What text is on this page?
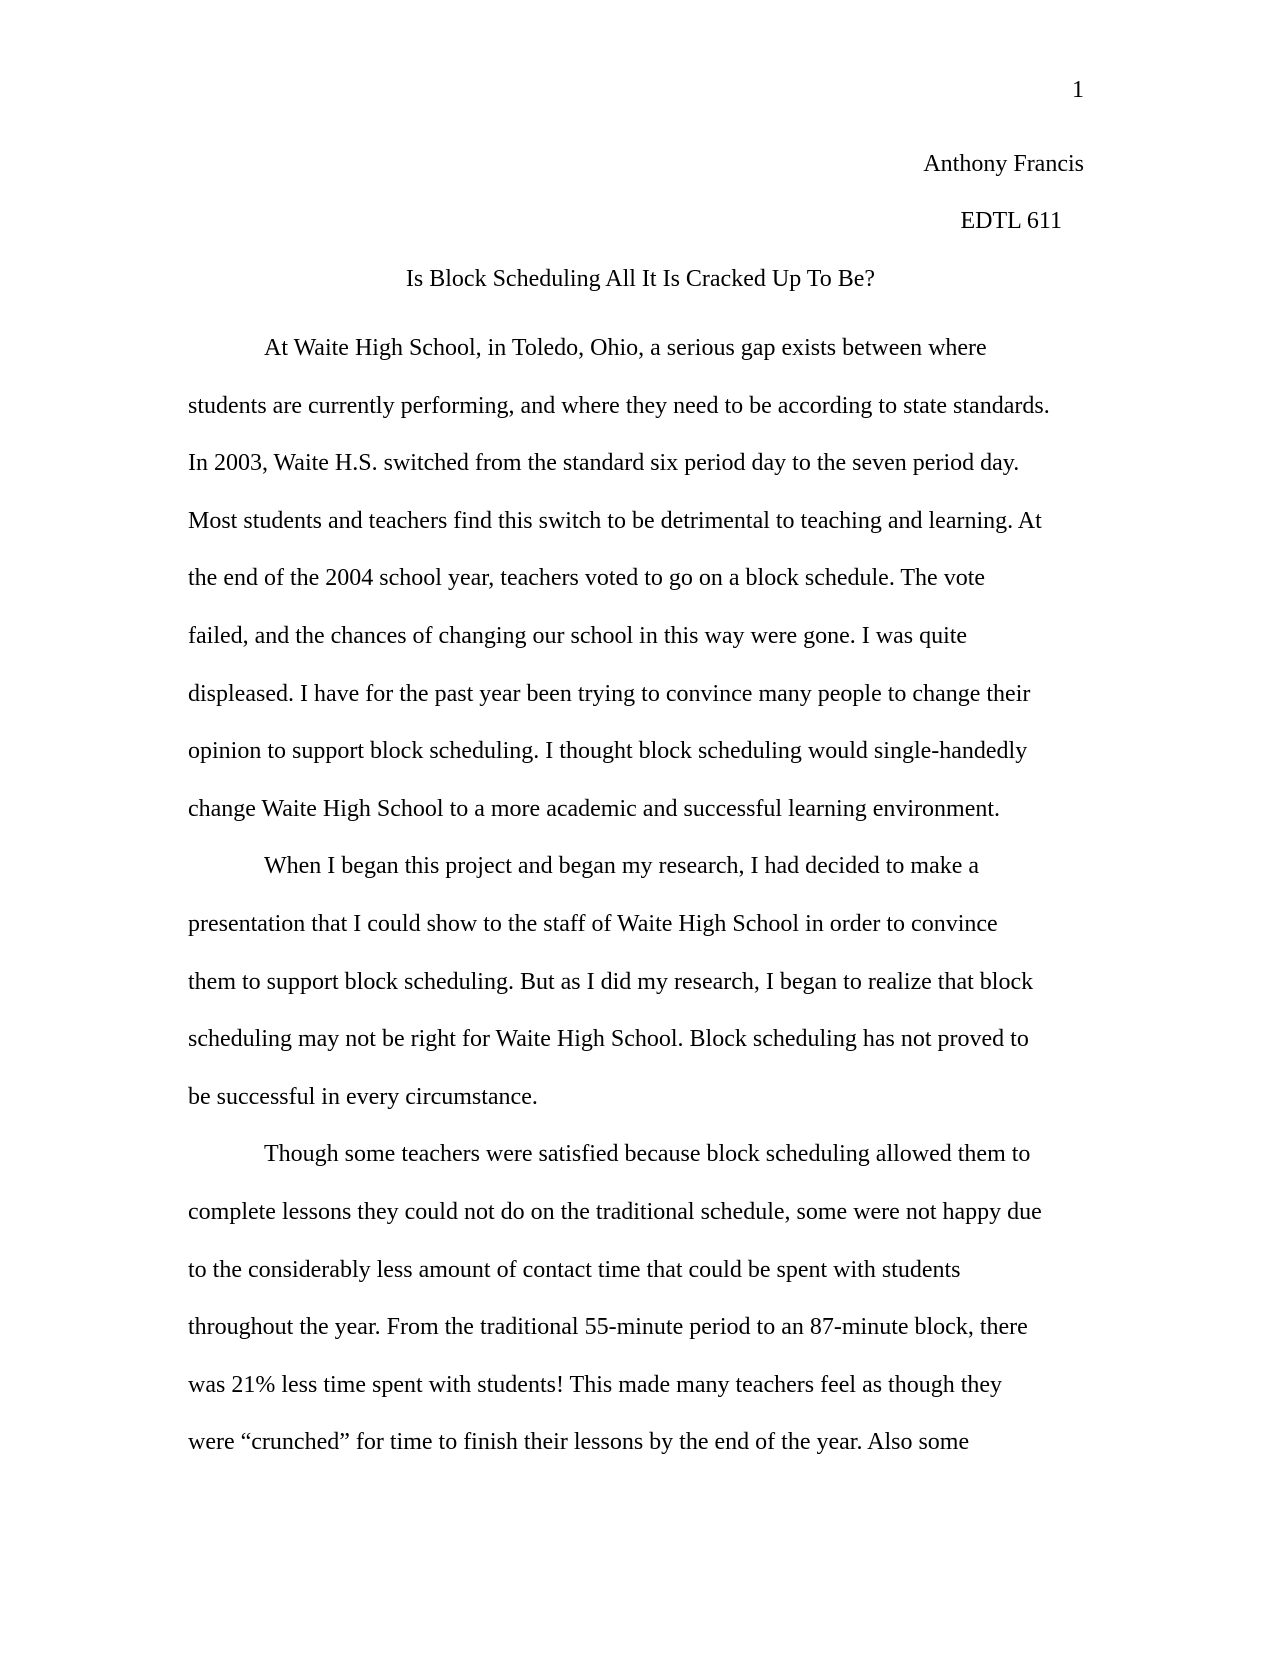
1

Anthony Francis

EDTL 611

Is Block Scheduling All It Is Cracked Up To Be?

At Waite High School, in Toledo, Ohio, a serious gap exists between where
students are currently performing, and where they need to be according to state standards.
In 2003, Waite H.S. switched from the standard six period day to the seven period day.
Most students and teachers find this switch to be detrimental to teaching and learning. At
the end of the 2004 school year, teachers voted to go on a block schedule. The vote
failed, and the chances of changing our school in this way were gone. I was quite
displeased. I have for the past year been trying to convince many people to change their
opinion to support block scheduling. I thought block scheduling would single-handedly
change Waite High School to a more academic and successful learning environment.

When I began this project and began my research, I had decided to make a
presentation that I could show to the staff of Waite High School in order to convince
them to support block scheduling. But as I did my research, I began to realize that block
scheduling may not be right for Waite High School. Block scheduling has not proved to
be successful in every circumstance.

Though some teachers were satisfied because block scheduling allowed them to
complete lessons they could not do on the traditional schedule, some were not happy due
to the considerably less amount of contact time that could be spent with students
throughout the year. From the traditional 55-minute period to an 87-minute block, there
was 21% less time spent with students! This made many teachers feel as though they
were “crunched” for time to finish their lessons by the end of the year. Also some
